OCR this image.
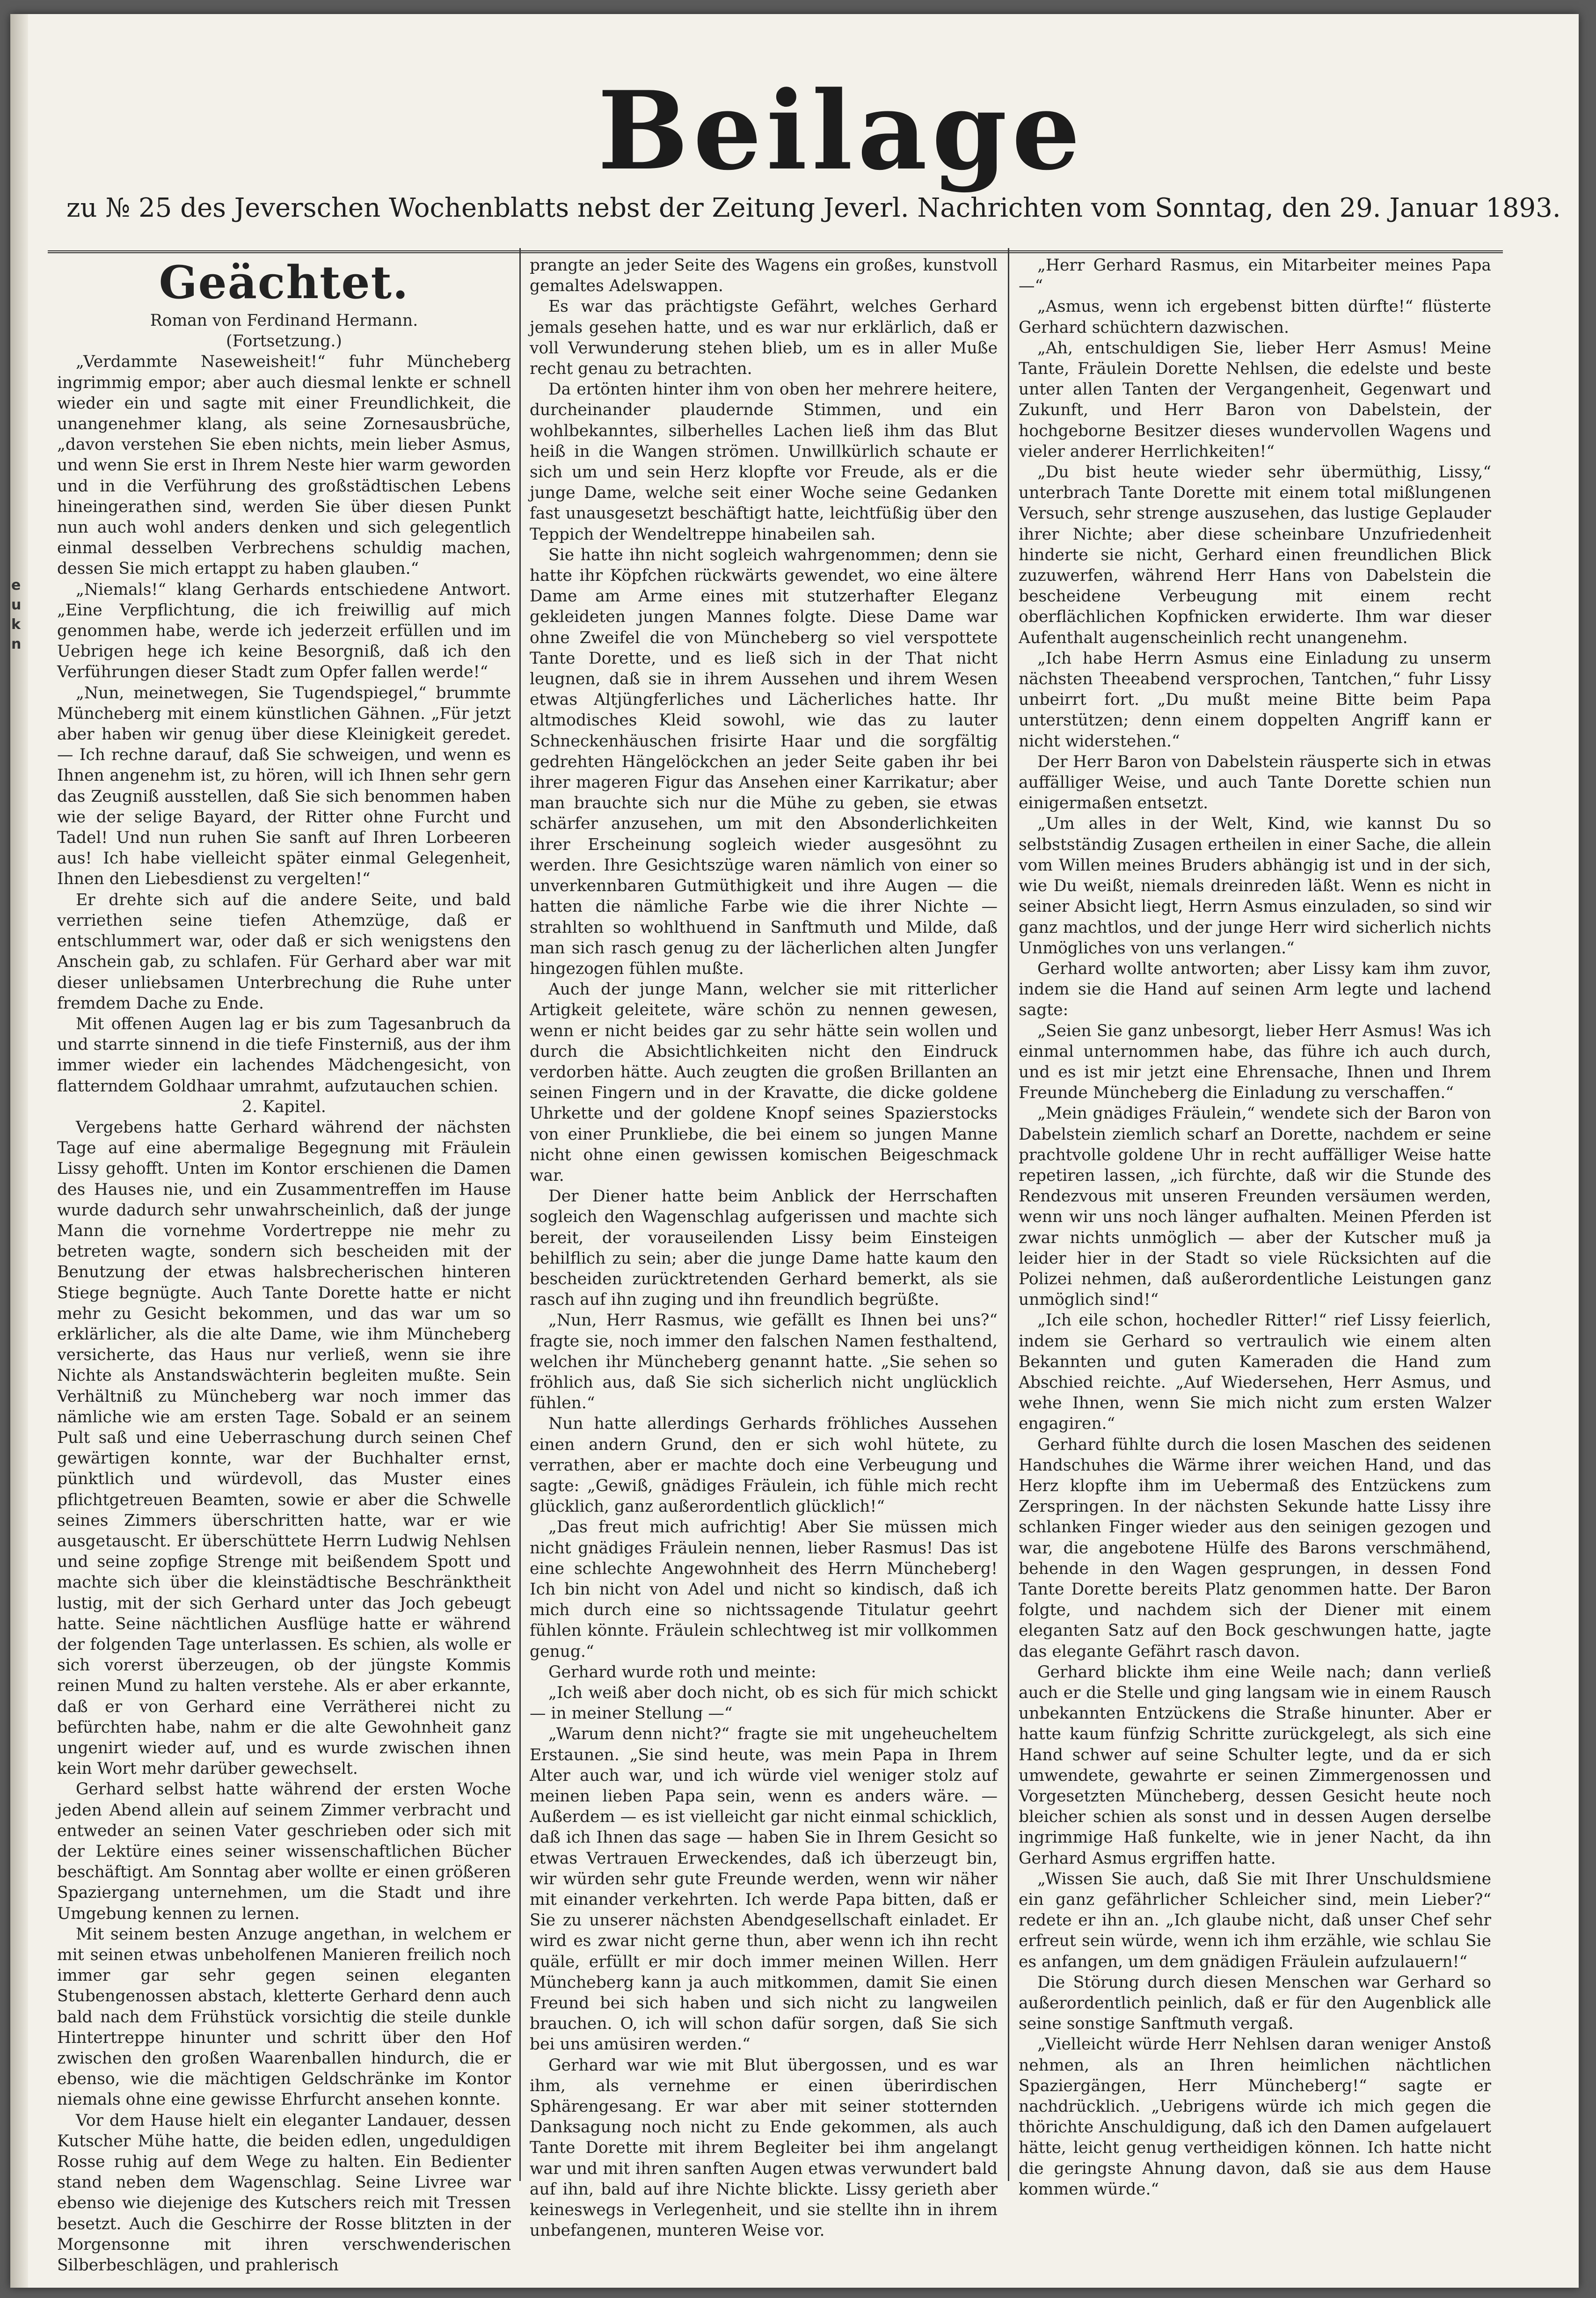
e
u
k
n
Beilage
zu № 25 des Jeverschen Wochenblatts nebst der Zeitung Jeverl. Nachrichten vom Sonntag, den 29. Januar 1893.

Geächtet.

Roman von Ferdinand Hermann.

(Fortsetzung.)

„Verdammte Naseweisheit!“ fuhr Müncheberg ingrimmig empor; aber auch diesmal lenkte er schnell wieder ein und sagte mit einer Freundlichkeit, die unangenehmer klang, als seine Zornesausbrüche, „davon verstehen Sie eben nichts, mein lieber Asmus, und wenn Sie erst in Ihrem Neste hier warm geworden und in die Verführung des großstädtischen Lebens hineingerathen sind, werden Sie über diesen Punkt nun auch wohl anders denken und sich gelegentlich einmal desselben Verbrechens schuldig machen, dessen Sie mich ertappt zu haben glauben.“

„Niemals!“ klang Gerhards entschiedene Antwort. „Eine Verpflichtung, die ich freiwillig auf mich genommen habe, werde ich jederzeit erfüllen und im Uebrigen hege ich keine Besorgniß, daß ich den Verführungen dieser Stadt zum Opfer fallen werde!“

„Nun, meinetwegen, Sie Tugendspiegel,“ brummte Müncheberg mit einem künstlichen Gähnen. „Für jetzt aber haben wir genug über diese Kleinigkeit geredet. — Ich rechne darauf, daß Sie schweigen, und wenn es Ihnen angenehm ist, zu hören, will ich Ihnen sehr gern das Zeugniß ausstellen, daß Sie sich benommen haben wie der selige Bayard, der Ritter ohne Furcht und Tadel! Und nun ruhen Sie sanft auf Ihren Lorbeeren aus! Ich habe vielleicht später einmal Gelegenheit, Ihnen den Liebesdienst zu vergelten!“

Er drehte sich auf die andere Seite, und bald verriethen seine tiefen Athemzüge, daß er entschlummert war, oder daß er sich wenigstens den Anschein gab, zu schlafen. Für Gerhard aber war mit dieser unliebsamen Unterbrechung die Ruhe unter fremdem Dache zu Ende.

Mit offenen Augen lag er bis zum Tagesanbruch da und starrte sinnend in die tiefe Finsterniß, aus der ihm immer wieder ein lachendes Mädchengesicht, von flatterndem Goldhaar umrahmt, aufzutauchen schien.

2. Kapitel.

Vergebens hatte Gerhard während der nächsten Tage auf eine abermalige Begegnung mit Fräulein Lissy gehofft. Unten im Kontor erschienen die Damen des Hauses nie, und ein Zusammentreffen im Hause wurde dadurch sehr unwahrscheinlich, daß der junge Mann die vornehme Vordertreppe nie mehr zu betreten wagte, sondern sich bescheiden mit der Benutzung der etwas halsbrecherischen hinteren Stiege begnügte. Auch Tante Dorette hatte er nicht mehr zu Gesicht bekommen, und das war um so erklärlicher, als die alte Dame, wie ihm Müncheberg versicherte, das Haus nur verließ, wenn sie ihre Nichte als Anstandswächterin begleiten mußte. Sein Verhältniß zu Müncheberg war noch immer das nämliche wie am ersten Tage. Sobald er an seinem Pult saß und eine Ueberraschung durch seinen Chef gewärtigen konnte, war der Buchhalter ernst, pünktlich und würdevoll, das Muster eines pflichtgetreuen Beamten, sowie er aber die Schwelle seines Zimmers überschritten hatte, war er wie ausgetauscht. Er überschüttete Herrn Ludwig Nehlsen und seine zopfige Strenge mit beißendem Spott und machte sich über die kleinstädtische Beschränktheit lustig, mit der sich Gerhard unter das Joch gebeugt hatte. Seine nächtlichen Ausflüge hatte er während der folgenden Tage unterlassen. Es schien, als wolle er sich vorerst überzeugen, ob der jüngste Kommis reinen Mund zu halten verstehe. Als er aber erkannte, daß er von Gerhard eine Verrätherei nicht zu befürchten habe, nahm er die alte Gewohnheit ganz ungenirt wieder auf, und es wurde zwischen ihnen kein Wort mehr darüber gewechselt.

Gerhard selbst hatte während der ersten Woche jeden Abend allein auf seinem Zimmer verbracht und entweder an seinen Vater geschrieben oder sich mit der Lektüre eines seiner wissenschaftlichen Bücher beschäftigt. Am Sonntag aber wollte er einen größeren Spaziergang unternehmen, um die Stadt und ihre Umgebung kennen zu lernen.

Mit seinem besten Anzuge angethan, in welchem er mit seinen etwas unbeholfenen Manieren freilich noch immer gar sehr gegen seinen eleganten Stubengenossen abstach, kletterte Gerhard denn auch bald nach dem Frühstück vorsichtig die steile dunkle Hintertreppe hinunter und schritt über den Hof zwischen den großen Waarenballen hindurch, die er ebenso, wie die mächtigen Geldschränke im Kontor niemals ohne eine gewisse Ehrfurcht ansehen konnte.

Vor dem Hause hielt ein eleganter Landauer, dessen Kutscher Mühe hatte, die beiden edlen, ungeduldigen Rosse ruhig auf dem Wege zu halten. Ein Bedienter stand neben dem Wagenschlag. Seine Livree war ebenso wie diejenige des Kutschers reich mit Tressen besetzt. Auch die Geschirre der Rosse blitzten in der Morgensonne mit ihren verschwenderischen Silberbeschlägen, und prahlerisch

prangte an jeder Seite des Wagens ein großes, kunstvoll gemaltes Adelswappen.

Es war das prächtigste Gefährt, welches Gerhard jemals gesehen hatte, und es war nur erklärlich, daß er voll Verwunderung stehen blieb, um es in aller Muße recht genau zu betrachten.

Da ertönten hinter ihm von oben her mehrere heitere, durcheinander plaudernde Stimmen, und ein wohlbekanntes, silberhelles Lachen ließ ihm das Blut heiß in die Wangen strömen. Unwillkürlich schaute er sich um und sein Herz klopfte vor Freude, als er die junge Dame, welche seit einer Woche seine Gedanken fast unausgesetzt beschäftigt hatte, leichtfüßig über den Teppich der Wendeltreppe hinabeilen sah.

Sie hatte ihn nicht sogleich wahrgenommen; denn sie hatte ihr Köpfchen rückwärts gewendet, wo eine ältere Dame am Arme eines mit stutzerhafter Eleganz gekleideten jungen Mannes folgte. Diese Dame war ohne Zweifel die von Müncheberg so viel verspottete Tante Dorette, und es ließ sich in der That nicht leugnen, daß sie in ihrem Aussehen und ihrem Wesen etwas Altjüngferliches und Lächerliches hatte. Ihr altmodisches Kleid sowohl, wie das zu lauter Schneckenhäuschen frisirte Haar und die sorgfältig gedrehten Hängelöckchen an jeder Seite gaben ihr bei ihrer mageren Figur das Ansehen einer Karrikatur; aber man brauchte sich nur die Mühe zu geben, sie etwas schärfer anzusehen, um mit den Absonderlichkeiten ihrer Erscheinung sogleich wieder ausgesöhnt zu werden. Ihre Gesichtszüge waren nämlich von einer so unverkennbaren Gutmüthigkeit und ihre Augen — die hatten die nämliche Farbe wie die ihrer Nichte — strahlten so wohlthuend in Sanftmuth und Milde, daß man sich rasch genug zu der lächerlichen alten Jungfer hingezogen fühlen mußte.

Auch der junge Mann, welcher sie mit ritterlicher Artigkeit geleitete, wäre schön zu nennen gewesen, wenn er nicht beides gar zu sehr hätte sein wollen und durch die Absichtlichkeiten nicht den Eindruck verdorben hätte. Auch zeugten die großen Brillanten an seinen Fingern und in der Kravatte, die dicke goldene Uhrkette und der goldene Knopf seines Spazierstocks von einer Prunkliebe, die bei einem so jungen Manne nicht ohne einen gewissen komischen Beigeschmack war.

Der Diener hatte beim Anblick der Herrschaften sogleich den Wagenschlag aufgerissen und machte sich bereit, der vorauseilenden Lissy beim Einsteigen behilflich zu sein; aber die junge Dame hatte kaum den bescheiden zurücktretenden Gerhard bemerkt, als sie rasch auf ihn zuging und ihn freundlich begrüßte.

„Nun, Herr Rasmus, wie gefällt es Ihnen bei uns?“ fragte sie, noch immer den falschen Namen festhaltend, welchen ihr Müncheberg genannt hatte. „Sie sehen so fröhlich aus, daß Sie sich sicherlich nicht unglücklich fühlen.“

Nun hatte allerdings Gerhards fröhliches Aussehen einen andern Grund, den er sich wohl hütete, zu verrathen, aber er machte doch eine Verbeugung und sagte: „Gewiß, gnädiges Fräulein, ich fühle mich recht glücklich, ganz außerordentlich glücklich!“

„Das freut mich aufrichtig! Aber Sie müssen mich nicht gnädiges Fräulein nennen, lieber Rasmus! Das ist eine schlechte Angewohnheit des Herrn Müncheberg! Ich bin nicht von Adel und nicht so kindisch, daß ich mich durch eine so nichtssagende Titulatur geehrt fühlen könnte. Fräulein schlechtweg ist mir vollkommen genug.“

Gerhard wurde roth und meinte:

„Ich weiß aber doch nicht, ob es sich für mich schickt — in meiner Stellung —“

„Warum denn nicht?“ fragte sie mit ungeheucheltem Erstaunen. „Sie sind heute, was mein Papa in Ihrem Alter auch war, und ich würde viel weniger stolz auf meinen lieben Papa sein, wenn es anders wäre. — Außerdem — es ist vielleicht gar nicht einmal schicklich, daß ich Ihnen das sage — haben Sie in Ihrem Gesicht so etwas Vertrauen Erweckendes, daß ich überzeugt bin, wir würden sehr gute Freunde werden, wenn wir näher mit einander verkehrten. Ich werde Papa bitten, daß er Sie zu unserer nächsten Abendgesellschaft einladet. Er wird es zwar nicht gerne thun, aber wenn ich ihn recht quäle, erfüllt er mir doch immer meinen Willen. Herr Müncheberg kann ja auch mitkommen, damit Sie einen Freund bei sich haben und sich nicht zu langweilen brauchen. O, ich will schon dafür sorgen, daß Sie sich bei uns amüsiren werden.“

Gerhard war wie mit Blut übergossen, und es war ihm, als vernehme er einen überirdischen Sphärengesang. Er war aber mit seiner stotternden Danksagung noch nicht zu Ende gekommen, als auch Tante Dorette mit ihrem Begleiter bei ihm angelangt war und mit ihren sanften Augen etwas verwundert bald auf ihn, bald auf ihre Nichte blickte. Lissy gerieth aber keineswegs in Verlegenheit, und sie stellte ihn in ihrem unbefangenen, munteren Weise vor.

„Herr Gerhard Rasmus, ein Mitarbeiter meines Papa —“

„Asmus, wenn ich ergebenst bitten dürfte!“ flüsterte Gerhard schüchtern dazwischen.

„Ah, entschuldigen Sie, lieber Herr Asmus! Meine Tante, Fräulein Dorette Nehlsen, die edelste und beste unter allen Tanten der Vergangenheit, Gegenwart und Zukunft, und Herr Baron von Dabelstein, der hochgeborne Besitzer dieses wundervollen Wagens und vieler anderer Herrlichkeiten!“

„Du bist heute wieder sehr übermüthig, Lissy,“ unterbrach Tante Dorette mit einem total mißlungenen Versuch, sehr strenge auszusehen, das lustige Geplauder ihrer Nichte; aber diese scheinbare Unzufriedenheit hinderte sie nicht, Gerhard einen freundlichen Blick zuzuwerfen, während Herr Hans von Dabelstein die bescheidene Verbeugung mit einem recht oberflächlichen Kopfnicken erwiderte. Ihm war dieser Aufenthalt augenscheinlich recht unangenehm.

„Ich habe Herrn Asmus eine Einladung zu unserm nächsten Theeabend versprochen, Tantchen,“ fuhr Lissy unbeirrt fort. „Du mußt meine Bitte beim Papa unterstützen; denn einem doppelten Angriff kann er nicht widerstehen.“

Der Herr Baron von Dabelstein räusperte sich in etwas auffälliger Weise, und auch Tante Dorette schien nun einigermaßen entsetzt.

„Um alles in der Welt, Kind, wie kannst Du so selbstständig Zusagen ertheilen in einer Sache, die allein vom Willen meines Bruders abhängig ist und in der sich, wie Du weißt, niemals dreinreden läßt. Wenn es nicht in seiner Absicht liegt, Herrn Asmus einzuladen, so sind wir ganz machtlos, und der junge Herr wird sicherlich nichts Unmögliches von uns verlangen.“

Gerhard wollte antworten; aber Lissy kam ihm zuvor, indem sie die Hand auf seinen Arm legte und lachend sagte:

„Seien Sie ganz unbesorgt, lieber Herr Asmus! Was ich einmal unternommen habe, das führe ich auch durch, und es ist mir jetzt eine Ehrensache, Ihnen und Ihrem Freunde Müncheberg die Einladung zu verschaffen.“

„Mein gnädiges Fräulein,“ wendete sich der Baron von Dabelstein ziemlich scharf an Dorette, nachdem er seine prachtvolle goldene Uhr in recht auffälliger Weise hatte repetiren lassen, „ich fürchte, daß wir die Stunde des Rendezvous mit unseren Freunden versäumen werden, wenn wir uns noch länger aufhalten. Meinen Pferden ist zwar nichts unmöglich — aber der Kutscher muß ja leider hier in der Stadt so viele Rücksichten auf die Polizei nehmen, daß außerordentliche Leistungen ganz unmöglich sind!“

„Ich eile schon, hochedler Ritter!“ rief Lissy feierlich, indem sie Gerhard so vertraulich wie einem alten Bekannten und guten Kameraden die Hand zum Abschied reichte. „Auf Wiedersehen, Herr Asmus, und wehe Ihnen, wenn Sie mich nicht zum ersten Walzer engagiren.“

Gerhard fühlte durch die losen Maschen des seidenen Handschuhes die Wärme ihrer weichen Hand, und das Herz klopfte ihm im Uebermaß des Entzückens zum Zerspringen. In der nächsten Sekunde hatte Lissy ihre schlanken Finger wieder aus den seinigen gezogen und war, die angebotene Hülfe des Barons verschmähend, behende in den Wagen gesprungen, in dessen Fond Tante Dorette bereits Platz genommen hatte. Der Baron folgte, und nachdem sich der Diener mit einem eleganten Satz auf den Bock geschwungen hatte, jagte das elegante Gefährt rasch davon.

Gerhard blickte ihm eine Weile nach; dann verließ auch er die Stelle und ging langsam wie in einem Rausch unbekannten Entzückens die Straße hinunter. Aber er hatte kaum fünfzig Schritte zurückgelegt, als sich eine Hand schwer auf seine Schulter legte, und da er sich umwendete, gewahrte er seinen Zimmergenossen und Vorgesetzten Müncheberg, dessen Gesicht heute noch bleicher schien als sonst und in dessen Augen derselbe ingrimmige Haß funkelte, wie in jener Nacht, da ihn Gerhard Asmus ergriffen hatte.

„Wissen Sie auch, daß Sie mit Ihrer Unschuldsmiene ein ganz gefährlicher Schleicher sind, mein Lieber?“ redete er ihn an. „Ich glaube nicht, daß unser Chef sehr erfreut sein würde, wenn ich ihm erzähle, wie schlau Sie es anfangen, um dem gnädigen Fräulein aufzulauern!“

Die Störung durch diesen Menschen war Gerhard so außerordentlich peinlich, daß er für den Augenblick alle seine sonstige Sanftmuth vergaß.

„Vielleicht würde Herr Nehlsen daran weniger Anstoß nehmen, als an Ihren heimlichen nächtlichen Spaziergängen, Herr Müncheberg!“ sagte er nachdrücklich. „Uebrigens würde ich mich gegen die thörichte Anschuldigung, daß ich den Damen aufgelauert hätte, leicht genug vertheidigen können. Ich hatte nicht die geringste Ahnung davon, daß sie aus dem Hause kommen würde.“
